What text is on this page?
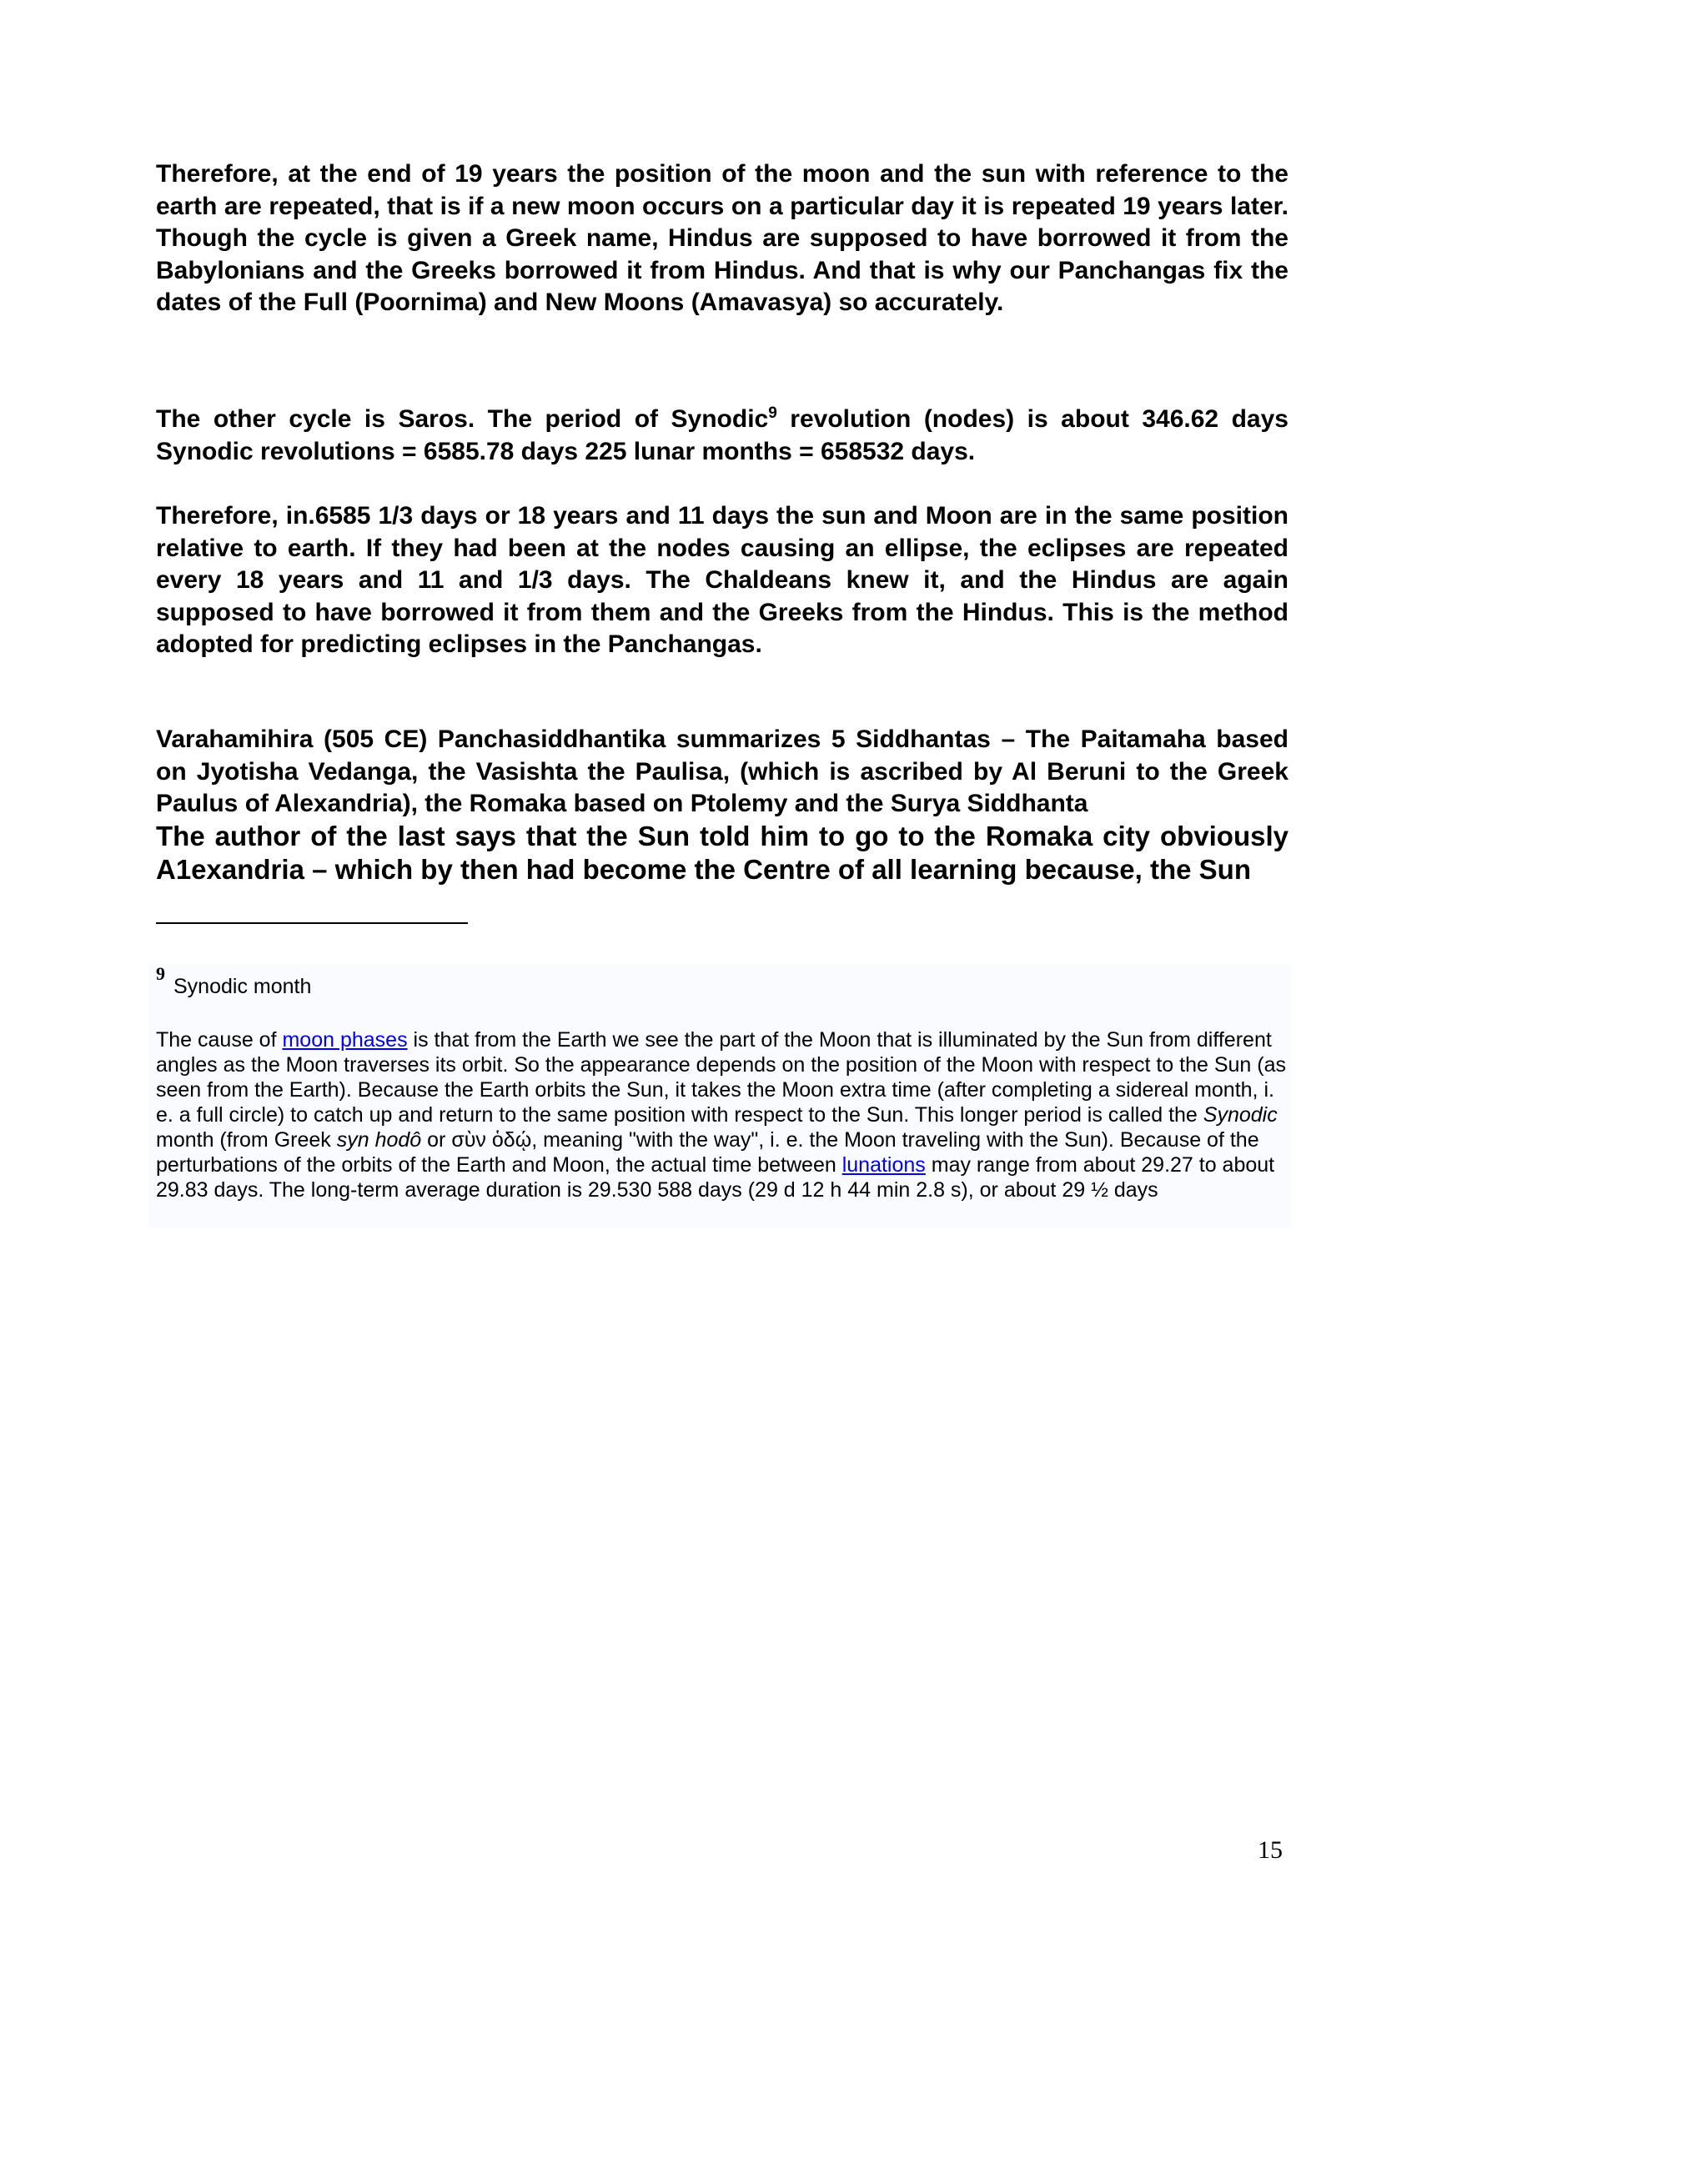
Therefore, at the end of 19 years the position of the moon and the sun with reference to the earth are repeated, that is if a new moon occurs on a particular day it is repeated 19 years later. Though the cycle is given a Greek name, Hindus are supposed to have borrowed it from the Babylonians and the Greeks borrowed it from Hindus. And that is why our Panchangas fix the dates of the Full (Poornima) and New Moons (Amavasya) so accurately.

The other cycle is Saros. The period of Synodic$^9$ revolution (nodes) is about 346.62 days Synodic revolutions = 6585.78 days 225 lunar months = 658532 days.

Therefore, in.6585 1/3 days or 18 years and 11 days the sun and Moon are in the same position relative to earth. If they had been at the nodes causing an ellipse, the eclipses are repeated every 18 years and 11 and 1/3 days. The Chaldeans knew it, and the Hindus are again supposed to have borrowed it from them and the Greeks from the Hindus. This is the method adopted for predicting eclipses in the Panchangas.

Varahamihira (505 CE) Panchasiddhantika summarizes 5 Siddhantas – The Paitamaha based on Jyotisha Vedanga, the Vasishta the Paulisa, (which is ascribed by Al Beruni to the Greek Paulus of Alexandria), the Romaka based on Ptolemy and the Surya Siddhanta
The author of the last says that the Sun told him to go to the Romaka city obviously A1exandria – which by then had become the Centre of all learning because, the Sun

9
Synodic month

The cause of moon phases is that from the Earth we see the part of the Moon that is illuminated by the Sun from different angles as the Moon traverses its orbit. So the appearance depends on the position of the Moon with respect to the Sun (as seen from the Earth). Because the Earth orbits the Sun, it takes the Moon extra time (after completing a sidereal month, i. e. a full circle) to catch up and return to the same position with respect to the Sun. This longer period is called the Synodic month (from Greek syn hodô or σὺν ὁδῴ, meaning "with the way", i. e. the Moon traveling with the Sun). Because of the perturbations of the orbits of the Earth and Moon, the actual time between lunations may range from about 29.27 to about 29.83 days. The long-term average duration is 29.530 588 days (29 d 12 h 44 min 2.8 s), or about 29 ½ days

15
